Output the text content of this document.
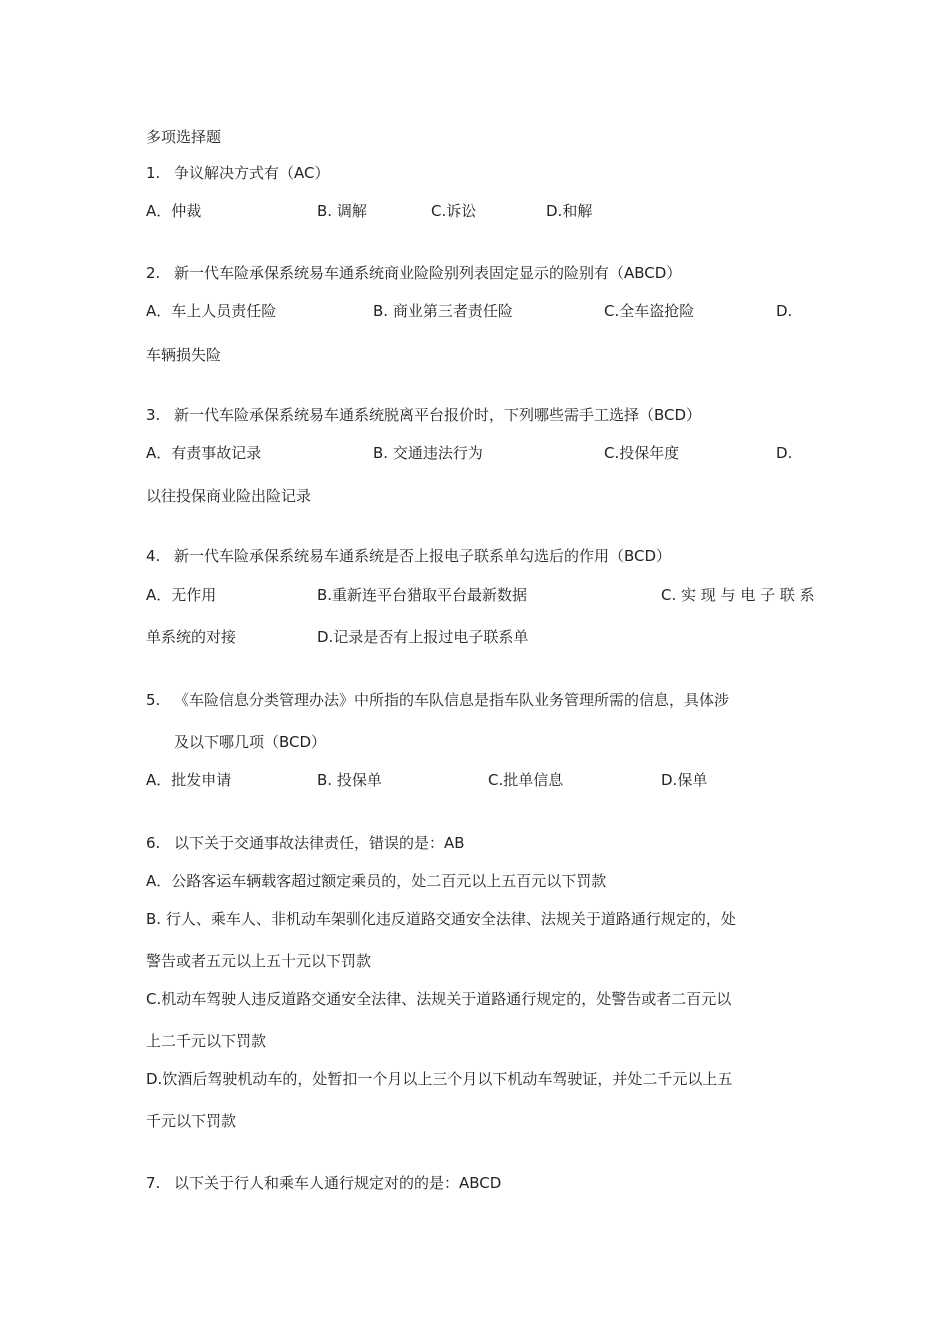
多项选择题
1. 争议解决方式有（AC）
A．仲裁	B. 调解	C.诉讼	D.和解
2. 新一代车险承保系统易车通系统商业险险别列表固定显示的险别有（ABCD）
A．车上人员责任险	B. 商业第三者责任险	C.全车盗抢险	D.
车辆损失险
3. 新一代车险承保系统易车通系统脱离平台报价时，下列哪些需手工选择（BCD）
A．有责事故记录	B. 交通违法行为	C.投保年度	D.
以往投保商业险出险记录
4. 新一代车险承保系统易车通系统是否上报电子联系单勾选后的作用（BCD）
A．无作用	B.重新连平台猎取平台最新数据	C. 实 现 与 电 子 联 系
单系统的对接	D.记录是否有上报过电子联系单
5. 《车险信息分类管理办法》中所指的车队信息是指车队业务管理所需的信息，具体涉
及以下哪几项（BCD）
A．批发申请	B. 投保单	C.批单信息	D.保单
6. 以下关于交通事故法律责任，错误的是：AB
A．公路客运车辆载客超过额定乘员的，处二百元以上五百元以下罚款
B. 行人、乘车人、非机动车架驯化违反道路交通安全法律、法规关于道路通行规定的，处
警告或者五元以上五十元以下罚款
C.机动车驾驶人违反道路交通安全法律、法规关于道路通行规定的，处警告或者二百元以
上二千元以下罚款
D.饮酒后驾驶机动车的，处暂扣一个月以上三个月以下机动车驾驶证，并处二千元以上五
千元以下罚款
7. 以下关于行人和乘车人通行规定对的的是：ABCD
